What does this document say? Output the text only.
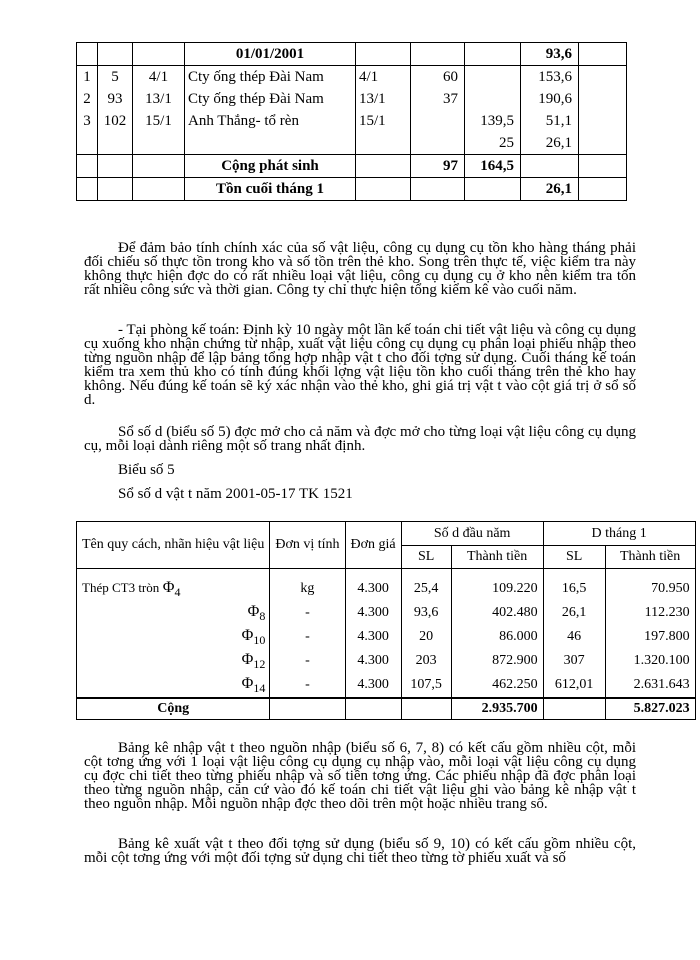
			01/01/2001				93,6	
1	5	4/1	Cty ống thép Đài Nam	4/1	60		153,6	
2	93	13/1	Cty ống thép Đài Nam	13/1	37		190,6	
3	102	15/1	Anh Thắng- tổ rèn	15/1		139,5	51,1	
						25	26,1	
			Cộng phát sinh		97	164,5		
			Tồn cuối tháng 1				26,1	
Để đảm bảo tính chính xác của số vật liệu, công cụ dụng cụ tồn kho hàng tháng phải đối chiếu số thực tồn trong kho và số tồn trên thẻ kho. Song trên thực tế, việc kiểm tra này không thực hiện đợc do có rất nhiều loại vật liệu, công cụ dụng cụ ở kho nên kiểm tra tốn rất nhiều công sức và thời gian. Công ty chỉ thực hiện tổng kiểm kê vào cuối năm.
- Tại phòng kế toán: Định kỳ 10 ngày một lần kế toán chi tiết vật liệu và công cụ dụng cụ xuống kho nhận chứng từ nhập, xuất vật liệu công cụ dụng cụ phân loại phiếu nhập theo từng nguồn nhập để lập bảng tổng hợp nhập vật t cho đối tợng sử dụng. Cuối tháng kế toán kiểm tra xem thủ kho có tính đúng khối lợng vật liệu tồn kho cuối tháng trên thẻ kho hay không. Nếu đúng kế toán sẽ ký xác nhận vào thẻ kho, ghi giá trị vật t vào cột giá trị ở sổ số d.
Sổ số d (biểu số 5) đợc mở cho cả năm và đợc mở cho từng loại vật liệu công cụ dụng cụ, mỗi loại dành riêng một số trang nhất định.
Biểu số 5
Sổ số d vật t năm 2001-05-17 TK 1521
Tên quy cách, nhãn hiệu vật liệu	Đơn vị tính	Đơn giá	Số d đầu năm		D tháng 1	
			SL	Thành tiền	SL	Thành tiền
Thép CT3 tròn Φ4	kg	4.300	25,4	109.220	16,5	70.950
Φ8	-	4.300	93,6	402.480	26,1	112.230
Φ10	-	4.300	20	86.000	46	197.800
Φ12	-	4.300	203	872.900	307	1.320.100
Φ14	-	4.300	107,5	462.250	612,01	2.631.643
Cộng				2.935.700		5.827.023
Bảng kê nhập vật t theo nguồn nhập (biểu số 6, 7, 8) có kết cấu gồm nhiều cột, mỗi cột tơng ứng với 1 loại vật liệu công cụ dụng cụ nhập vào, mỗi loại vật liệu công cụ dụng cụ đợc chi tiết theo từng phiếu nhập và số tiền tơng ứng. Các phiếu nhập đã đợc phân loại theo từng nguồn nhập, căn cứ vào đó kế toán chi tiết vật liệu ghi vào bảng kê nhập vật t theo nguồn nhập. Mỗi nguồn nhập đợc theo dõi trên một hoặc nhiều trang sổ.
Bảng kê xuất vật t theo đối tợng sử dụng (biểu số 9, 10) có kết cấu gồm nhiều cột, mỗi cột tơng ứng với một đối tợng sử dụng chi tiết theo từng tờ phiếu xuất và số
